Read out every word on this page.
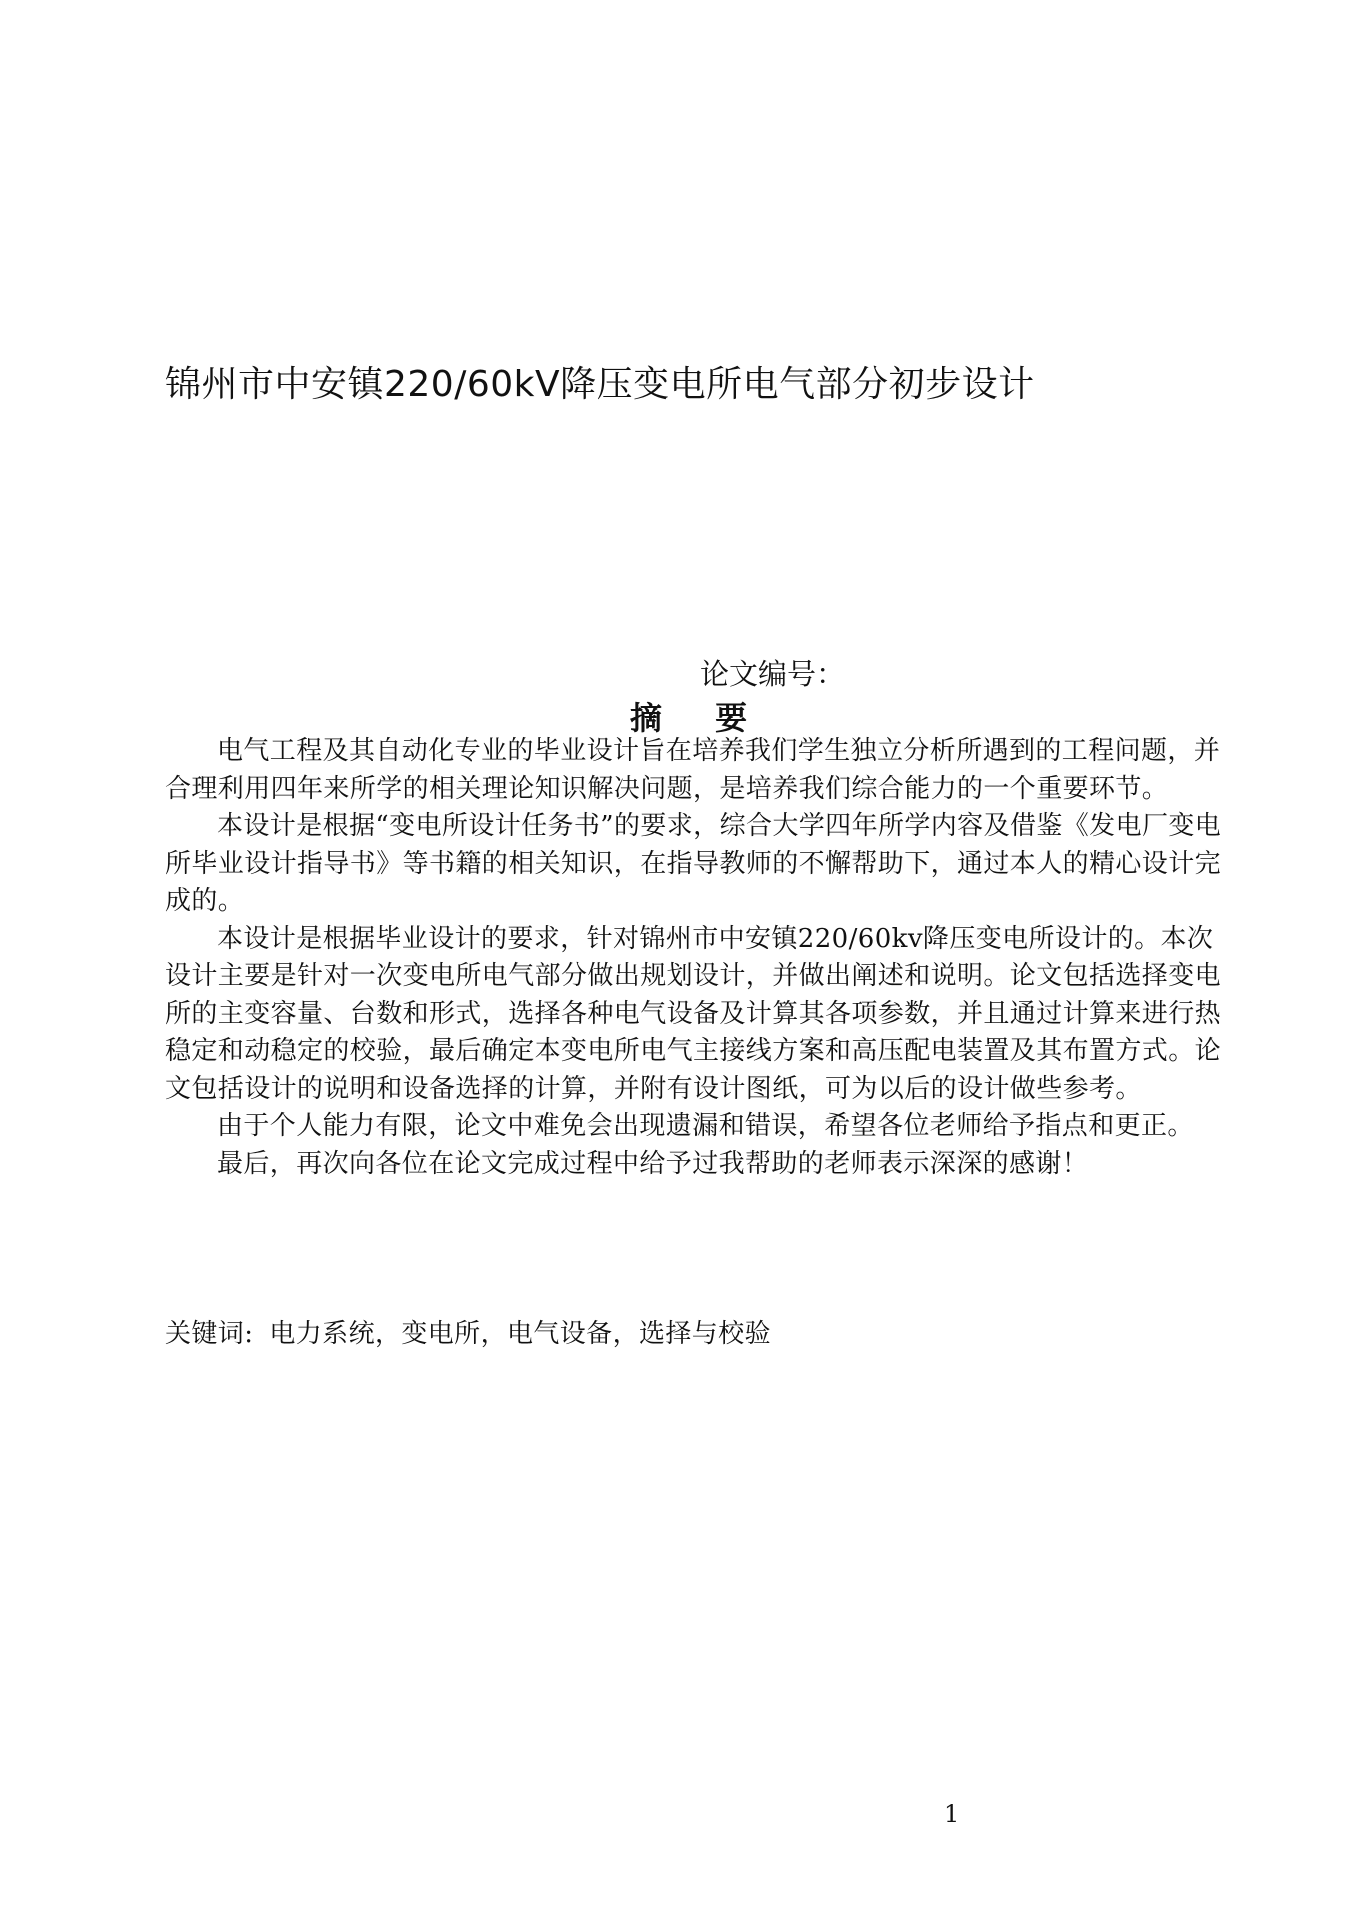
锦州市中安镇220/60kV降压变电所电气部分初步设计
论文编号：
摘 要

电气工程及其自动化专业的毕业设计旨在培养我们学生独立分析所遇到的工程问题，并合理利用四年来所学的相关理论知识解决问题，是培养我们综合能力的一个重要环节。

本设计是根据“变电所设计任务书”的要求，综合大学四年所学内容及借鉴《发电厂变电所毕业设计指导书》等书籍的相关知识，在指导教师的不懈帮助下，通过本人的精心设计完成的。

本设计是根据毕业设计的要求，针对锦州市中安镇220/60kv降压变电所设计的。本次设计主要是针对一次变电所电气部分做出规划设计，并做出阐述和说明。论文包括选择变电所的主变容量、台数和形式，选择各种电气设备及计算其各项参数，并且通过计算来进行热稳定和动稳定的校验，最后确定本变电所电气主接线方案和高压配电装置及其布置方式。论文包括设计的说明和设备选择的计算，并附有设计图纸，可为以后的设计做些参考。

由于个人能力有限，论文中难免会出现遗漏和错误，希望各位老师给予指点和更正。

最后，再次向各位在论文完成过程中给予过我帮助的老师表示深深的感谢！

关键词: 电力系统，变电所，电气设备，选择与校验
1
